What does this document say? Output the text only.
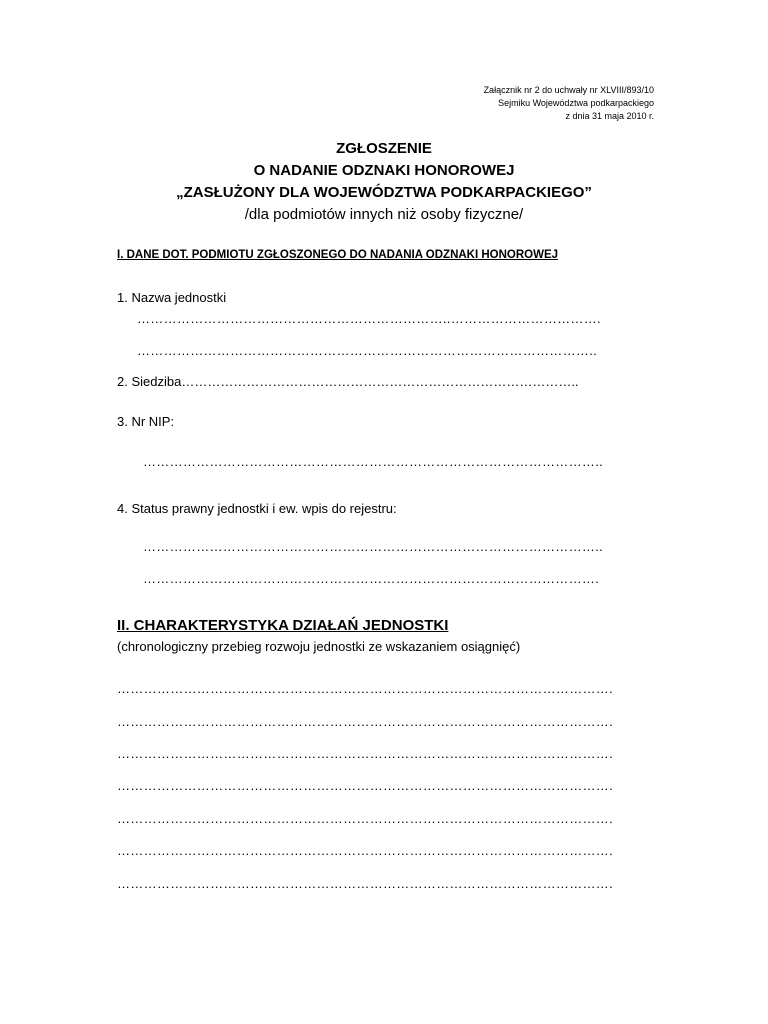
Załącznik nr 2 do uchwały nr XLVIII/893/10
Sejmiku Województwa podkarpackiego
z dnia 31 maja 2010 r.
ZGŁOSZENIE
O NADANIE ODZNAKI HONOROWEJ
„ZASŁUŻONY DLA WOJEWÓDZTWA PODKARPACKIEGO”
/dla podmiotów innych niż osoby fizyczne/
I. DANE DOT. PODMIOTU ZGŁOSZONEGO DO NADANIA ODZNAKI HONOROWEJ
1. Nazwa jednostki
……………………………………………………………..…………………………….
…………………………………………………………………………………………..
2. Siedziba………………………………………………………………………………..
3. Nr NIP:
…………………………………………………………………………………………..
4. Status prawny jednostki i ew. wpis do rejestru:
…………………………………………………………………………………………..
………………………………………………………………………………………….
II. CHARAKTERYSTYKA DZIAŁAŃ JEDNOSTKI
(chronologiczny przebieg rozwoju jednostki ze wskazaniem osiągnięć)
………………………………………………………………………………………………….
………………………………………………………………………………………………….
………………………………………………………………………………………………….
………………………………………………………………………………………………….
………………………………………………………………………………………………….
………………………………………………………………………………………………….
………………………………………………………………………………………………….
